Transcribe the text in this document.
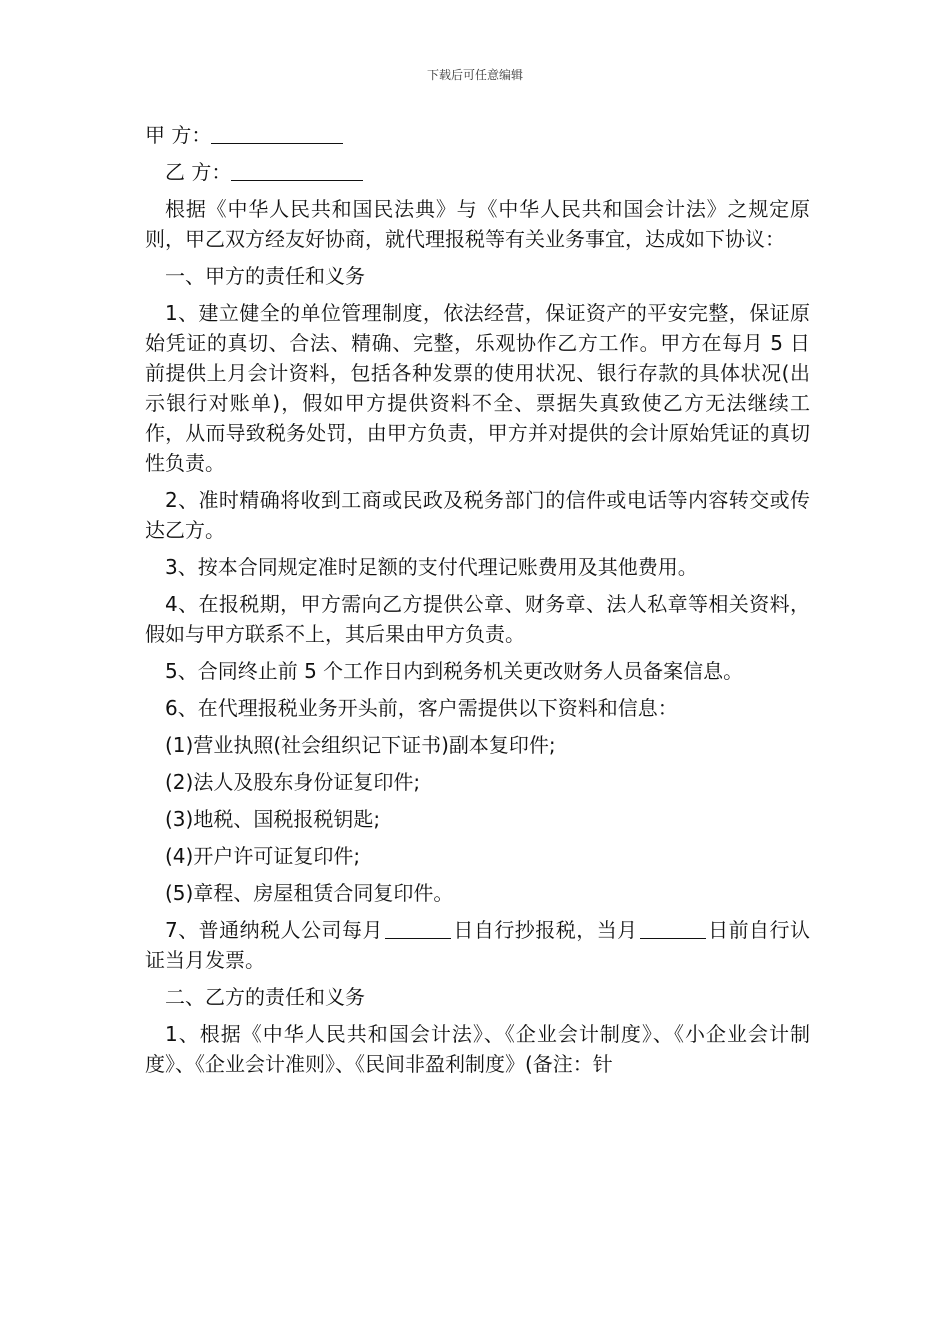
下载后可任意编辑

甲 方：

乙 方：

根据《中华人民共和国民法典》与《中华人民共和国会计法》之规定原则，甲乙双方经友好协商，就代理报税等有关业务事宜，达成如下协议：

一、甲方的责任和义务

1、建立健全的单位管理制度，依法经营，保证资产的平安完整，保证原始凭证的真切、合法、精确、完整，乐观协作乙方工作。甲方在每月 5 日前提供上月会计资料，包括各种发票的使用状况、银行存款的具体状况(出示银行对账单)，假如甲方提供资料不全、票据失真致使乙方无法继续工作，从而导致税务处罚，由甲方负责，甲方并对提供的会计原始凭证的真切性负责。

2、准时精确将收到工商或民政及税务部门的信件或电话等内容转交或传达乙方。

3、按本合同规定准时足额的支付代理记账费用及其他费用。

4、在报税期，甲方需向乙方提供公章、财务章、法人私章等相关资料，假如与甲方联系不上，其后果由甲方负责。

5、合同终止前 5 个工作日内到税务机关更改财务人员备案信息。

6、在代理报税业务开头前，客户需提供以下资料和信息：

(1)营业执照(社会组织记下证书)副本复印件;

(2)法人及股东身份证复印件;

(3)地税、国税报税钥匙;

(4)开户许可证复印件;

(5)章程、房屋租赁合同复印件。

7、普通纳税人公司每月	日自行抄报税，当月	日前自行认证当月发票。

二、乙方的责任和义务

1、根据《中华人民共和国会计法》、《企业会计制度》、《小企业会计制度》、《企业会计准则》、《民间非盈利制度》(备注：针
